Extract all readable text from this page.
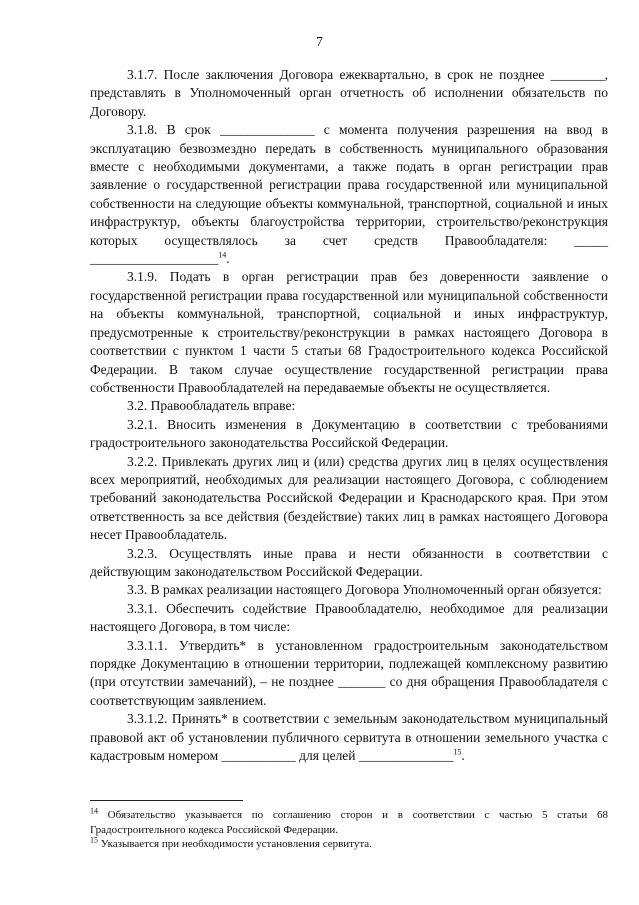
7

3.1.7. После заключения Договора ежеквартально, в срок не позднее ________, представлять в Уполномоченный орган отчетность об исполнении обязательств по Договору.

3.1.8. В срок ______________ с момента получения разрешения на ввод в эксплуатацию безвозмездно передать в собственность муниципального образования вместе с необходимыми документами, а также подать в орган регистрации прав заявление о государственной регистрации права государственной или муниципальной собственности на следующие объекты коммунальной, транспортной, социальной и иных инфраструктур, объекты благоустройства территории, строительство/реконструкция которых осуществлялось за счет средств Правообладателя: _____ ___________________$^{14}$.

3.1.9. Подать в орган регистрации прав без доверенности заявление о государственной регистрации права государственной или муниципальной собственности на объекты коммунальной, транспортной, социальной и иных инфраструктур, предусмотренные к строительству/реконструкции в рамках настоящего Договора в соответствии с пунктом 1 части 5 статьи 68 Градостроительного кодекса Российской Федерации. В таком случае осуществление государственной регистрации права собственности Правообладателей на передаваемые объекты не осуществляется.

3.2. Правообладатель вправе:

3.2.1. Вносить изменения в Документацию в соответствии с требованиями градостроительного законодательства Российской Федерации.

3.2.2. Привлекать других лиц и (или) средства других лиц в целях осуществления всех мероприятий, необходимых для реализации настоящего Договора, с соблюдением требований законодательства Российской Федерации и Краснодарского края. При этом ответственность за все действия (бездействие) таких лиц в рамках настоящего Договора несет Правообладатель.

3.2.3. Осуществлять иные права и нести обязанности в соответствии с действующим законодательством Российской Федерации.

3.3. В рамках реализации настоящего Договора Уполномоченный орган обязуется:

3.3.1. Обеспечить содействие Правообладателю, необходимое для реализации настоящего Договора, в том числе:

3.3.1.1. Утвердить* в установленном градостроительным законодательством порядке Документацию в отношении территории, подлежащей комплексному развитию (при отсутствии замечаний), – не позднее _______ со дня обращения Правообладателя с соответствующим заявлением.

3.3.1.2. Принять* в соответствии с земельным законодательством муниципальный правовой акт об установлении публичного сервитута в отношении земельного участка с кадастровым номером ___________ для целей ______________$^{15}$.

$^{14}$ Обязательство указывается по соглашению сторон и в соответствии с частью 5 статьи 68 Градостроительного кодекса Российской Федерации.

$^{15}$ Указывается при необходимости установления сервитута.
